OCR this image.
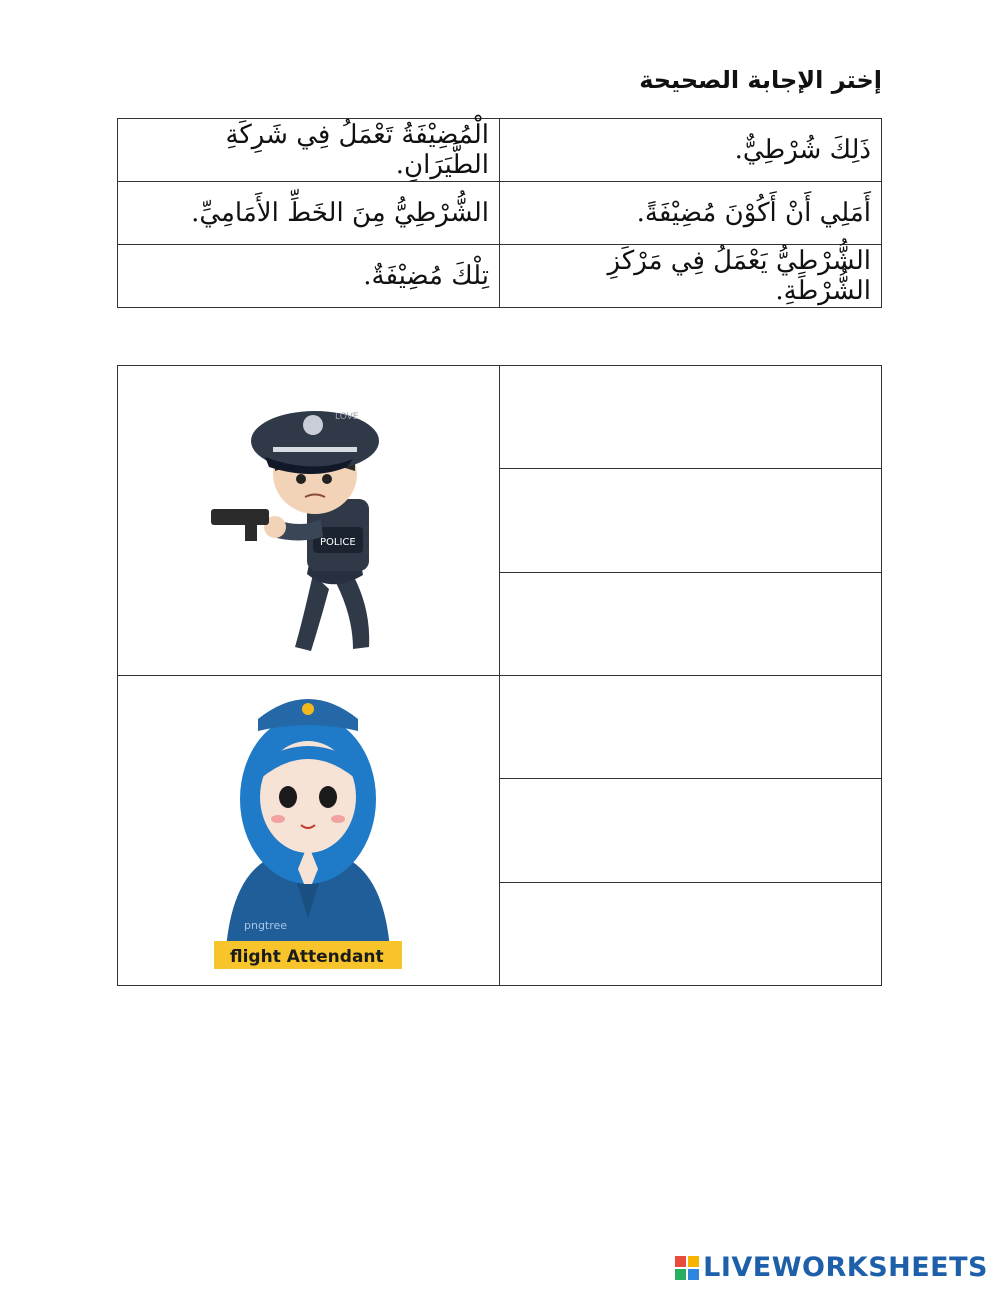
إختر الإجابة الصحيحة
ذَلِكَ شُرْطِيٌّ.	الْمُضِيْفَةُ تَعْمَلُ فِي شَرِكَةِ الطَّيَرَانِ.
أَمَلِي أَنْ أَكُوْنَ مُضِيْفَةً.	الشُّرْطِيُّ مِنَ الخَطِّ الأَمَامِيِّ.
الشُّرْطِيُّ يَعْمَلُ فِي مَرْكَزِ الشُّرْطَةِ.	تِلْكَ مُضِيْفَةٌ.
POLICE
LOVE	

flight Attendant
pngtree	

LIVEWORKSHEETS
